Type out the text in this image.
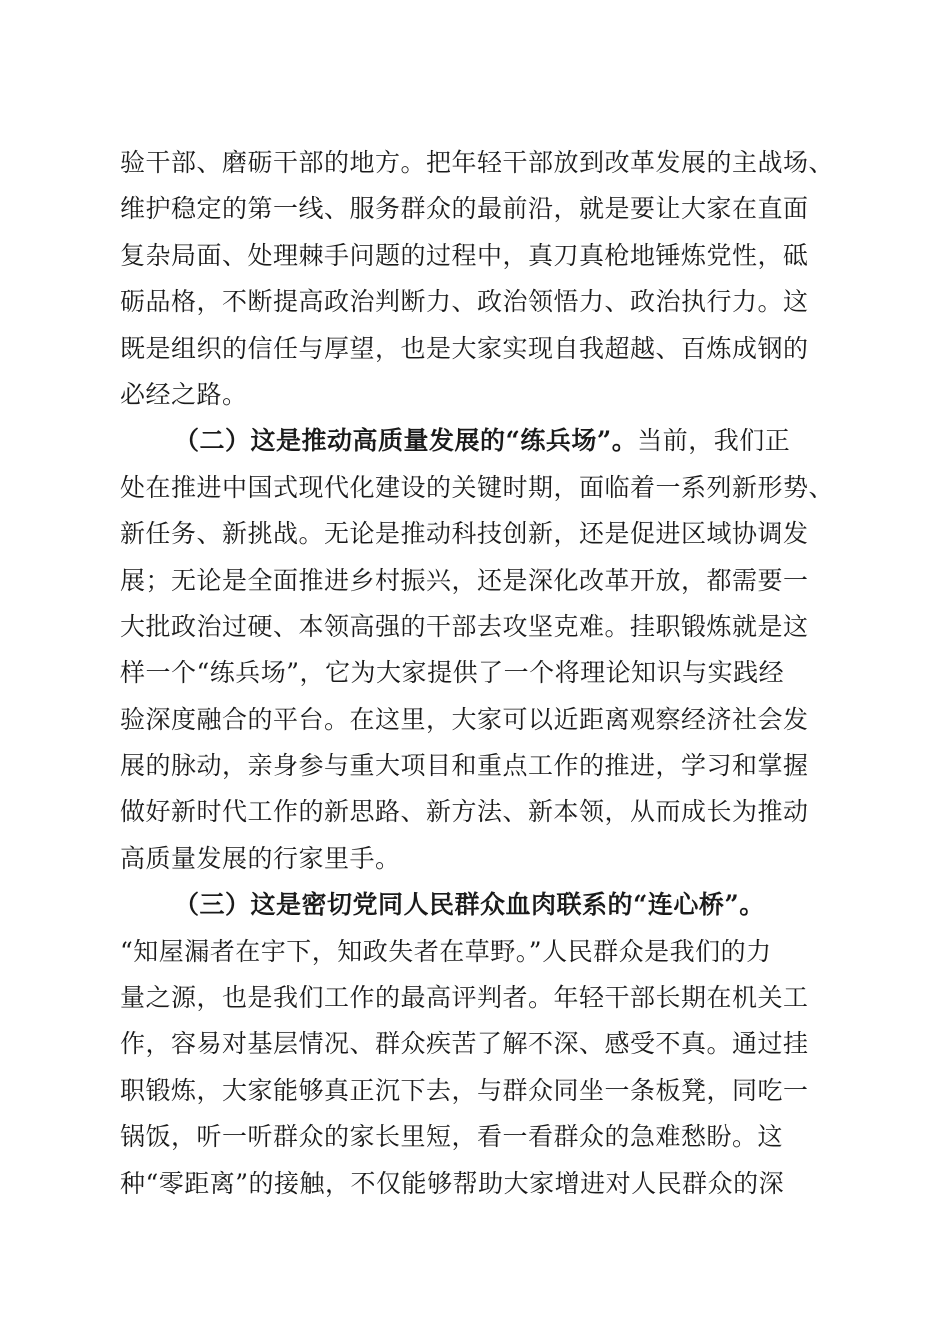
验干部、磨砺干部的地方。把年轻干部放到改革发展的主战场、
维护稳定的第一线、服务群众的最前沿，就是要让大家在直面
复杂局面、处理棘手问题的过程中，真刀真枪地锤炼党性，砥
砺品格，不断提高政治判断力、政治领悟力、政治执行力。这
既是组织的信任与厚望，也是大家实现自我超越、百炼成钢的
必经之路。
（二）这是推动高质量发展的“练兵场”。当前，我们正
处在推进中国式现代化建设的关键时期，面临着一系列新形势、
新任务、新挑战。无论是推动科技创新，还是促进区域协调发
展；无论是全面推进乡村振兴，还是深化改革开放，都需要一
大批政治过硬、本领高强的干部去攻坚克难。挂职锻炼就是这
样一个“练兵场”，它为大家提供了一个将理论知识与实践经
验深度融合的平台。在这里，大家可以近距离观察经济社会发
展的脉动，亲身参与重大项目和重点工作的推进，学习和掌握
做好新时代工作的新思路、新方法、新本领，从而成长为推动
高质量发展的行家里手。
（三）这是密切党同人民群众血肉联系的“连心桥”。
“知屋漏者在宇下，知政失者在草野。”人民群众是我们的力
量之源，也是我们工作的最高评判者。年轻干部长期在机关工
作，容易对基层情况、群众疾苦了解不深、感受不真。通过挂
职锻炼，大家能够真正沉下去，与群众同坐一条板凳，同吃一
锅饭，听一听群众的家长里短，看一看群众的急难愁盼。这
种“零距离”的接触，不仅能够帮助大家增进对人民群众的深
